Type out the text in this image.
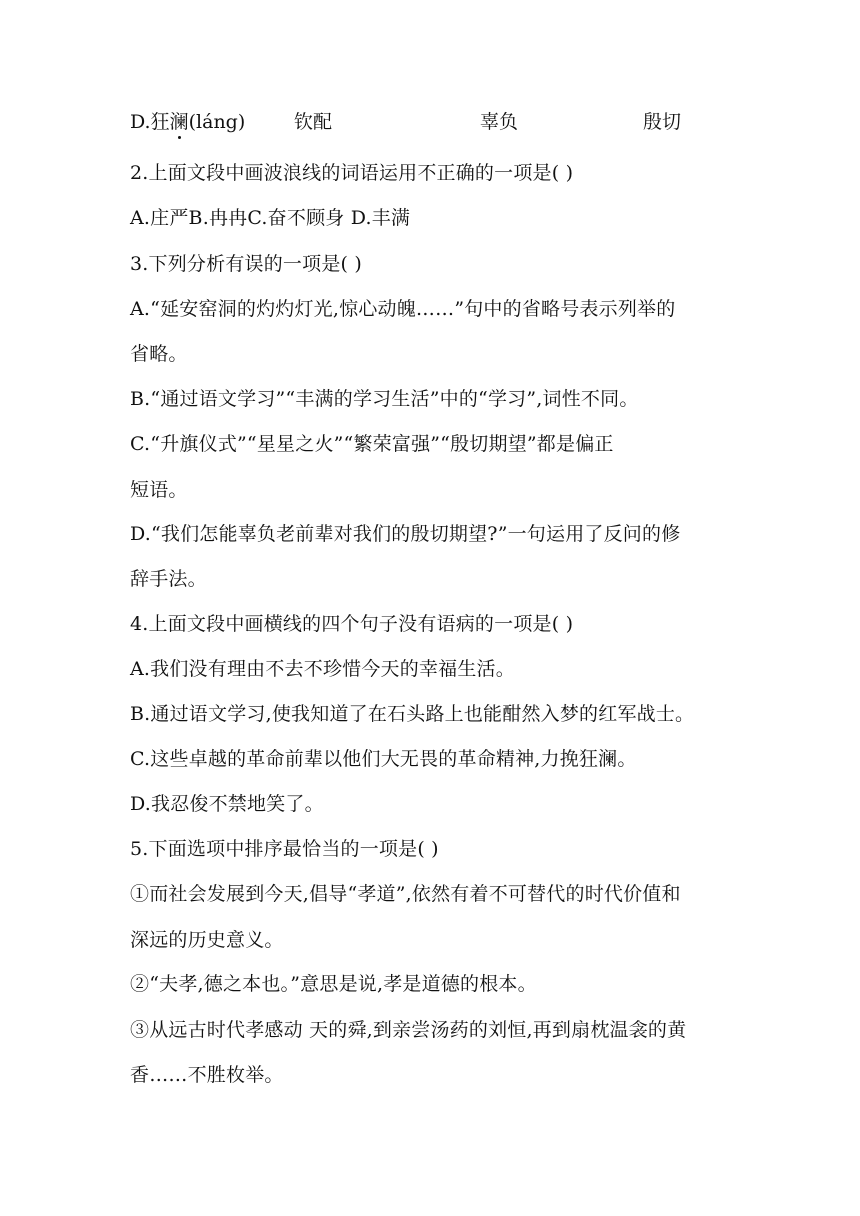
D.狂澜(láng)	钦配	辜负	殷切
2.上面文段中画波浪线的词语运用不正确的一项是( )
A.庄严B.冉冉C.奋不顾身 D.丰满
3.下列分析有误的一项是( )
A.“延安窑洞的灼灼灯光,惊心动魄……”句中的省略号表示列举的
省略。
B.“通过语文学习”“丰满的学习生活”中的“学习”,词性不同。
C.“升旗仪式”“星星之火”“繁荣富强”“殷切期望”都是偏正
短语。
D.“我们怎能辜负老前辈对我们的殷切期望?”一句运用了反问的修
辞手法。
4.上面文段中画横线的四个句子没有语病的一项是( )
A.我们没有理由不去不珍惜今天的幸福生活。
B.通过语文学习,使我知道了在石头路上也能酣然入梦的红军战士。
C.这些卓越的革命前辈以他们大无畏的革命精神,力挽狂澜。
D.我忍俊不禁地笑了。
5.下面选项中排序最恰当的一项是( )
①而社会发展到今天,倡导“孝道”,依然有着不可替代的时代价值和
深远的历史意义。
②“夫孝,德之本也。”意思是说,孝是道德的根本。
③从远古时代孝感动 天的舜,到亲尝汤药的刘恒,再到扇枕温衾的黄
香……不胜枚举。
